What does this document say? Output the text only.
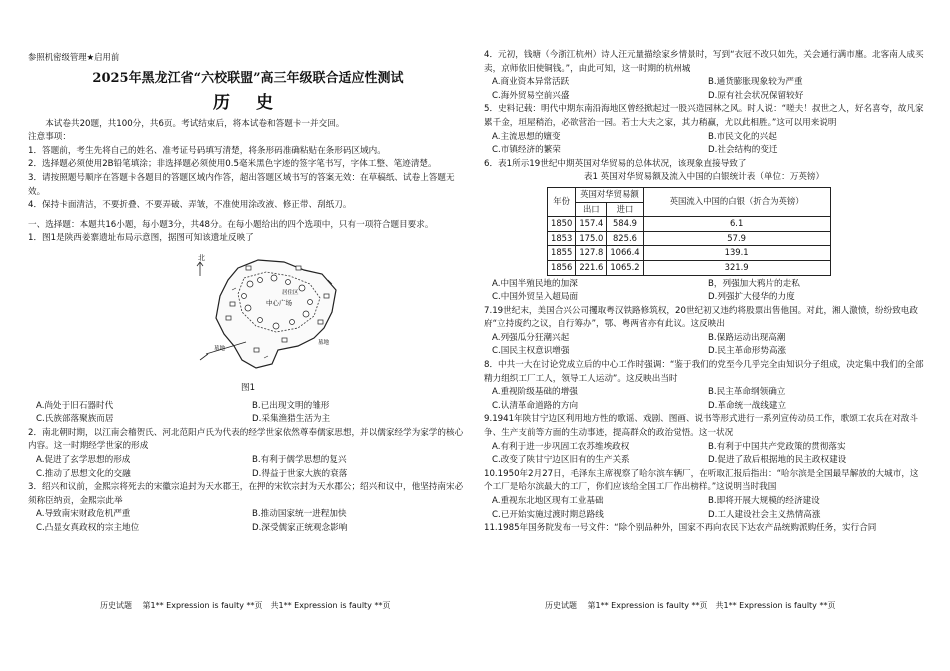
参照机密级管理★启用前

2025年黑龙江省“六校联盟”高三年级联合适应性测试

历 史

本试卷共20题，共100分，共6页。考试结束后，将本试卷和答题卡一并交回。

注意事项：

1．答题前，考生先将自己的姓名、准考证号码填写清楚，将条形码准确粘贴在条形码区域内。

2．选择题必须使用2B铅笔填涂；非选择题必须使用0.5毫米黑色字迹的签字笔书写，字体工整、笔迹清楚。

3．请按照题号顺序在答题卡各题目的答题区域内作答，超出答题区域书写的答案无效：在草稿纸、试卷上答题无效。

4．保持卡面清洁，不要折叠、不要弄破、弄皱，不准使用涂改液、修正带、刮纸刀。

一、选择题：本题共16小题，每小题3分，共48分。在每小题给出的四个选项中，只有一项符合题目要求。

1．图1是陕西姜寨遗址布局示意图，据图可知该遗址反映了

北
中心广场
居住区
墓地
墓地

图1

A.尚处于旧石器时代	B.已出现文明的雏形
C.氏族部落聚族而居	D.采集渔猎生活为主

2．南北朝时期，以江南会稽贺氏、河北范阳卢氏为代表的经学世家依然尊奉儒家思想，并以儒家经学为家学的核心内容。这一时期经学世家的形成

A.促进了玄学思想的形成	B.有利于儒学思想的复兴
C.推动了思想文化的交融	D.得益于世家大族的衰落

3．绍兴和议前，金熙宗将死去的宋徽宗追封为天水郡王，在押的宋钦宗封为天水郡公；绍兴和议中，他坚持南宋必须称臣纳贡，金熙宗此举

A.导致南宋财政危机严重	B.推动国家统一进程加快
C.凸显女真政权的宗主地位	D.深受儒家正统观念影响
历史试题  第1** Expression is faulty **页 共1** Expression is faulty **页

4．元初，钱塘（今浙江杭州）诗人汪元量描绘家乡情景时，写到“衣冠不改只如先，关会通行满市廛。北客南人成买卖，京师依旧使铜钱。”，由此可知，这一时期的杭州城

A.商业资本异常活跃	B.通货膨胀现象较为严重
C.海外贸易空前兴盛	D.原有社会状况保留较好

5．史料记载：明代中期东南沿海地区曾经掀起过一股兴造园林之风。时人说：“嗟夫！叔世之人，好名喜夸，故凡家累千金，垣屋稍治，必欲营治一园。若士大夫之家，其力稍赢，尤以此相胜。”这可以用来说明

A.主流思想的嬗变	B.市民文化的兴起
C.市镇经济的繁荣	D.社会结构的变迁

6．表1所示19世纪中期英国对华贸易的总体状况，该现象直接导致了

表1 英国对华贸易额及流入中国的白银统计表（单位：万英镑）

年份	英国对华贸易额		英国流入中国的白银（折合为英镑）
	出口	进口	
1850	157.4	584.9	6.1
1853	175.0	825.6	57.9
1855	127.8	1066.4	139.1
1856	221.6	1065.2	321.9
A.中国半殖民地的加深	B，列强加大鸦片的走私
C.中国外贸呈入超局面	D.列强扩大侵华的力度

7.19世纪末，美国合兴公司攫取粤汉铁路修筑权，20世纪初又违约将股票出售他国。对此，湘人激愤，纷纷致电政府“立持废约之议，自行筹办”，鄂、粤两省亦有此议。这反映出

A.列强瓜分狂潮兴起	B.保路运动出现高潮
C.国民主权意识增强	D.民主革命形势高涨

8．中共一大在讨论党成立后的中心工作时强调：“鉴于我们的党至今几乎完全由知识分子组成，决定集中我们的全部精力组织工厂工人，领导工人运动”。这反映出当时

A.重视阶级基础的增强	B.民主革命纲领确立
C.认清革命道路的方向	D.革命统一战线建立

9.1941年陕甘宁边区利用地方性的歌谣、戏剧、图画、说书等形式进行一系列宣传动员工作，歌颂工农兵在对敌斗争、生产支前等方面的生动事迹，提高群众的政治觉悟。这一状况

A.有利于进一步巩固工农苏维埃政权	B.有利于中国共产党政策的贯彻落实
C.改变了陕甘宁边区旧有的生产关系	D.促进了敌后根据地的民主政权建设

10.1950年2月27日，毛泽东主席视察了哈尔滨车辆厂，在听取汇报后指出：“哈尔滨是全国最早解放的大城市，这个工厂是哈尔滨最大的工厂，你们应该给全国工厂作出榜样。”这说明当时我国

A.重视东北地区现有工业基础	B.即将开展大规模的经济建设
C.已开始实施过渡时期总路线	D.工人建设社会主义热情高涨

11.1985年国务院发布一号文件：“除个别品种外，国家不再向农民下达农产品统购派购任务，实行合同

历史试题  第1** Expression is faulty **页 共1** Expression is faulty **页
